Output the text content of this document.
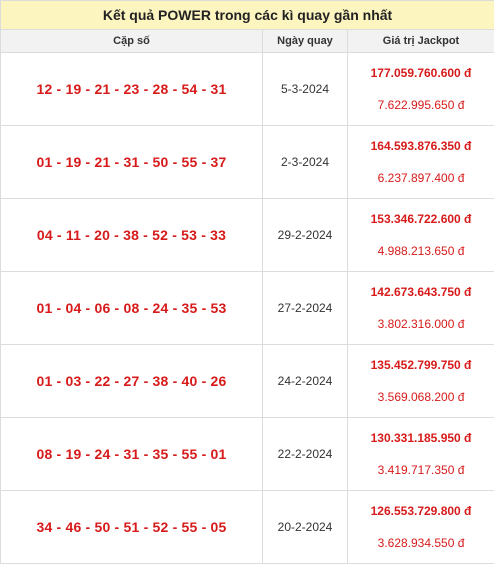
Kết quả POWER trong các kì quay gần nhất		
Cặp số	Ngày quay	Giá trị Jackpot
12 - 19 - 21 - 23 - 28 - 54 - 31	5-3-2024	177.059.760.600 đ
7.622.995.650 đ

01 - 19 - 21 - 31 - 50 - 55 - 37	2-3-2024	164.593.876.350 đ
6.237.897.400 đ

04 - 11 - 20 - 38 - 52 - 53 - 33	29-2-2024	153.346.722.600 đ
4.988.213.650 đ

01 - 04 - 06 - 08 - 24 - 35 - 53	27-2-2024	142.673.643.750 đ
3.802.316.000 đ

01 - 03 - 22 - 27 - 38 - 40 - 26	24-2-2024	135.452.799.750 đ
3.569.068.200 đ

08 - 19 - 24 - 31 - 35 - 55 - 01	22-2-2024	130.331.185.950 đ
3.419.717.350 đ

34 - 46 - 50 - 51 - 52 - 55 - 05	20-2-2024	126.553.729.800 đ
3.628.934.550 đ
